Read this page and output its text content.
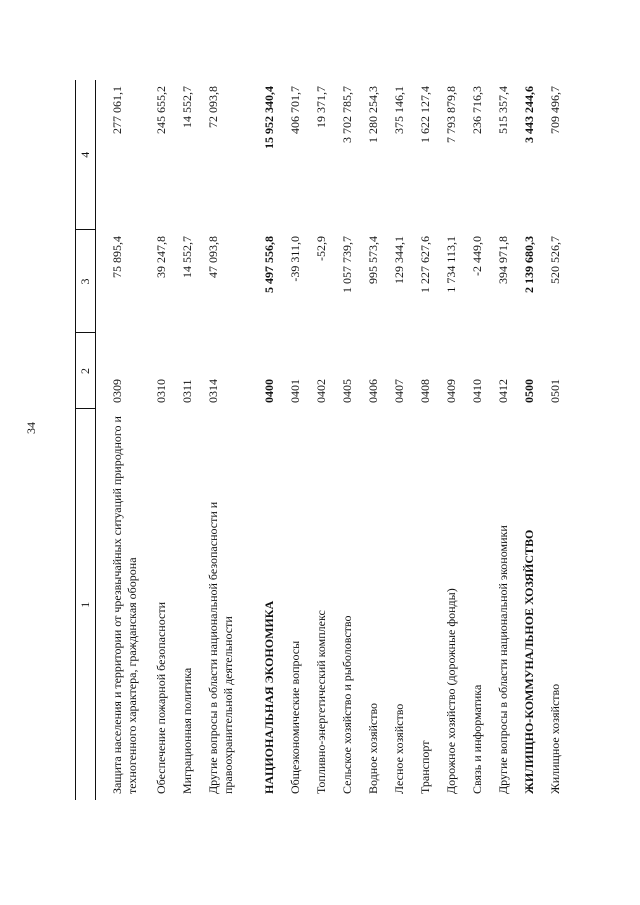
34
1	2	3	4
Защита населения и территории от чрезвычайных ситуаций природного и техногенного характера, гражданская оборона	0309	75 895,4	277 061,1
Обеспечение пожарной безопасности	0310	39 247,8	245 655,2
Миграционная политика	0311	14 552,7	14 552,7
Другие вопросы в области национальной безопасности и правоохранительной деятельности	0314	47 093,8	72 093,8
НАЦИОНАЛЬНАЯ ЭКОНОМИКА	0400	5 497 556,8	15 952 340,4
Общеэкономические вопросы	0401	-39 311,0	406 701,7
Топливно-энергетический комплекс	0402	-52,9	19 371,7
Сельское хозяйство и рыболовство	0405	1 057 739,7	3 702 785,7
Водное хозяйство	0406	995 573,4	1 280 254,3
Лесное хозяйство	0407	129 344,1	375 146,1
Транспорт	0408	1 227 627,6	1 622 127,4
Дорожное хозяйство (дорожные фонды)	0409	1 734 113,1	7 793 879,8
Связь и информатика	0410	-2 449,0	236 716,3
Другие вопросы в области национальной экономики	0412	394 971,8	515 357,4
ЖИЛИЩНО-КОММУНАЛЬНОЕ ХОЗЯЙСТВО	0500	2 139 680,3	3 443 244,6
Жилищное хозяйство	0501	520 526,7	709 496,7
